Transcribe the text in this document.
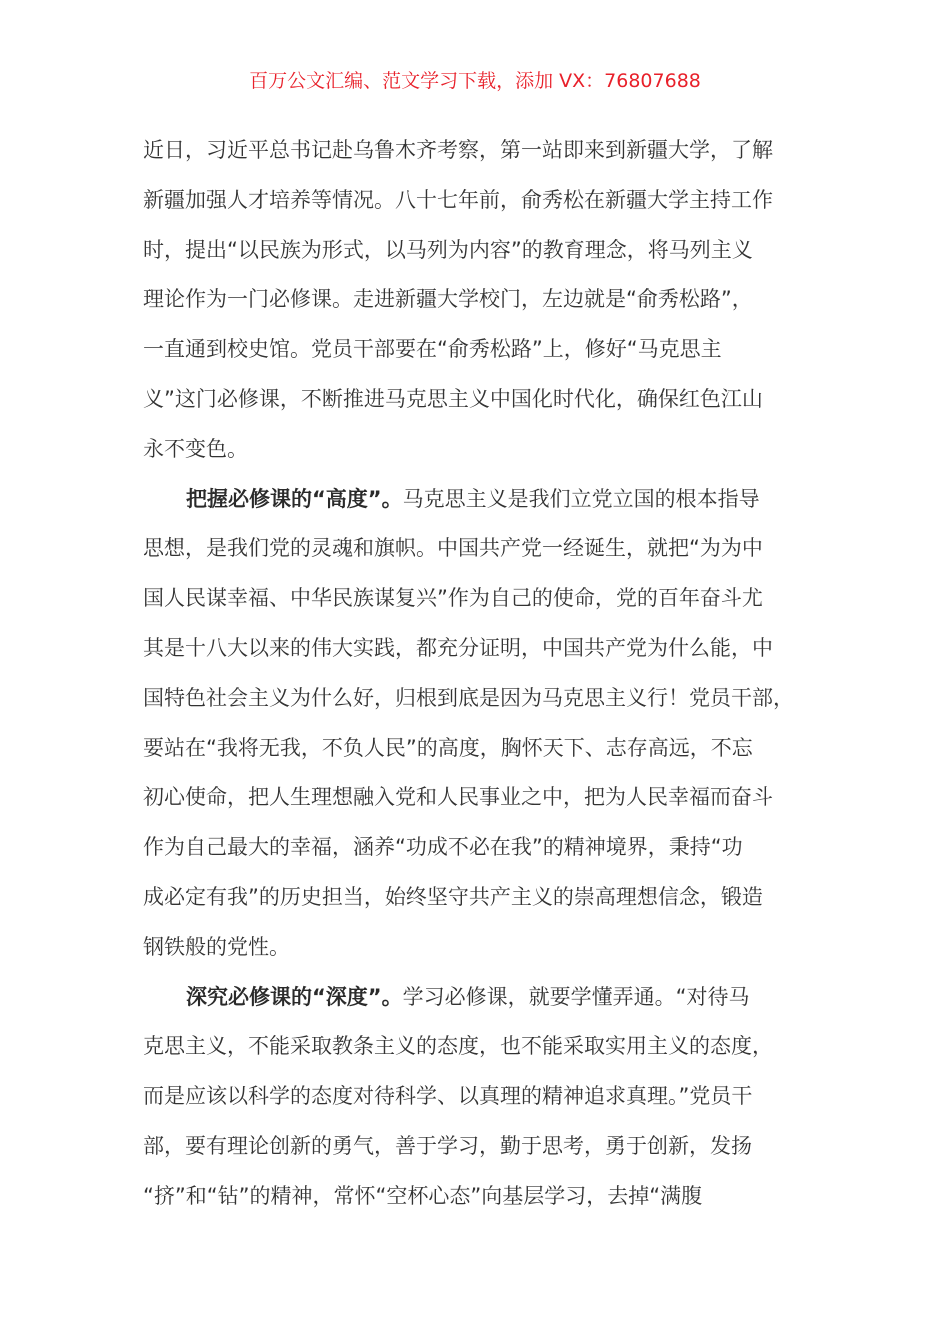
百万公文汇编、范文学习下载，添加 VX：76807688
近日，习近平总书记赴乌鲁木齐考察，第一站即来到新疆大学，了解
新疆加强人才培养等情况。八十七年前，俞秀松在新疆大学主持工作
时，提出“以民族为形式，以马列为内容”的教育理念，将马列主义
理论作为一门必修课。走进新疆大学校门，左边就是“俞秀松路”，
一直通到校史馆。党员干部要在“俞秀松路”上，修好“马克思主
义”这门必修课，不断推进马克思主义中国化时代化，确保红色江山
永不变色。
把握必修课的“高度”。马克思主义是我们立党立国的根本指导
思想，是我们党的灵魂和旗帜。中国共产党一经诞生，就把“为为中
国人民谋幸福、中华民族谋复兴”作为自己的使命，党的百年奋斗尤
其是十八大以来的伟大实践，都充分证明，中国共产党为什么能，中
国特色社会主义为什么好，归根到底是因为马克思主义行！党员干部，
要站在“我将无我，不负人民”的高度，胸怀天下、志存高远，不忘
初心使命，把人生理想融入党和人民事业之中，把为人民幸福而奋斗
作为自己最大的幸福，涵养“功成不必在我”的精神境界，秉持“功
成必定有我”的历史担当，始终坚守共产主义的崇高理想信念，锻造
钢铁般的党性。
深究必修课的“深度”。学习必修课，就要学懂弄通。“对待马
克思主义，不能采取教条主义的态度，也不能采取实用主义的态度，
而是应该以科学的态度对待科学、以真理的精神追求真理。”党员干
部，要有理论创新的勇气，善于学习，勤于思考，勇于创新，发扬
“挤”和“钻”的精神，常怀“空杯心态”向基层学习，去掉“满腹
